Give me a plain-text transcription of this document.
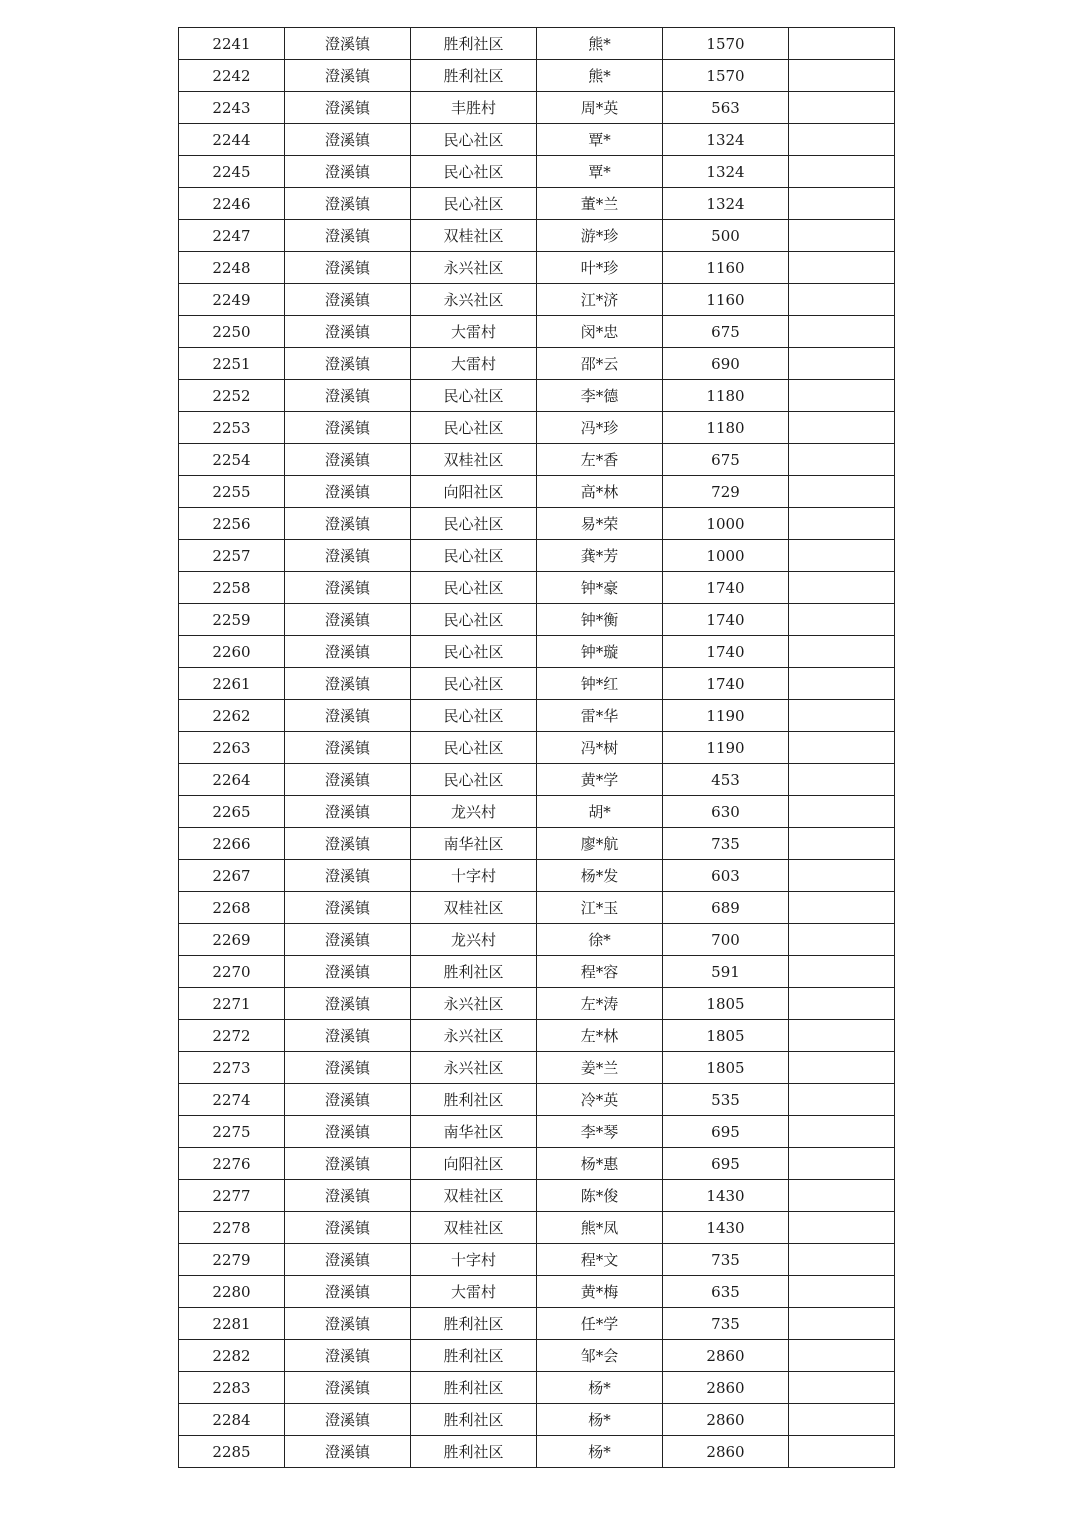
2241	澄溪镇	胜利社区	熊*	1570	
2242	澄溪镇	胜利社区	熊*	1570	
2243	澄溪镇	丰胜村	周*英	563	
2244	澄溪镇	民心社区	覃*	1324	
2245	澄溪镇	民心社区	覃*	1324	
2246	澄溪镇	民心社区	董*兰	1324	
2247	澄溪镇	双桂社区	游*珍	500	
2248	澄溪镇	永兴社区	叶*珍	1160	
2249	澄溪镇	永兴社区	江*济	1160	
2250	澄溪镇	大雷村	闵*忠	675	
2251	澄溪镇	大雷村	邵*云	690	
2252	澄溪镇	民心社区	李*德	1180	
2253	澄溪镇	民心社区	冯*珍	1180	
2254	澄溪镇	双桂社区	左*香	675	
2255	澄溪镇	向阳社区	高*林	729	
2256	澄溪镇	民心社区	易*荣	1000	
2257	澄溪镇	民心社区	龚*芳	1000	
2258	澄溪镇	民心社区	钟*豪	1740	
2259	澄溪镇	民心社区	钟*衡	1740	
2260	澄溪镇	民心社区	钟*璇	1740	
2261	澄溪镇	民心社区	钟*红	1740	
2262	澄溪镇	民心社区	雷*华	1190	
2263	澄溪镇	民心社区	冯*树	1190	
2264	澄溪镇	民心社区	黄*学	453	
2265	澄溪镇	龙兴村	胡*	630	
2266	澄溪镇	南华社区	廖*航	735	
2267	澄溪镇	十字村	杨*发	603	
2268	澄溪镇	双桂社区	江*玉	689	
2269	澄溪镇	龙兴村	徐*	700	
2270	澄溪镇	胜利社区	程*容	591	
2271	澄溪镇	永兴社区	左*涛	1805	
2272	澄溪镇	永兴社区	左*林	1805	
2273	澄溪镇	永兴社区	姜*兰	1805	
2274	澄溪镇	胜利社区	冷*英	535	
2275	澄溪镇	南华社区	李*琴	695	
2276	澄溪镇	向阳社区	杨*惠	695	
2277	澄溪镇	双桂社区	陈*俊	1430	
2278	澄溪镇	双桂社区	熊*凤	1430	
2279	澄溪镇	十字村	程*文	735	
2280	澄溪镇	大雷村	黄*梅	635	
2281	澄溪镇	胜利社区	任*学	735	
2282	澄溪镇	胜利社区	邹*会	2860	
2283	澄溪镇	胜利社区	杨*	2860	
2284	澄溪镇	胜利社区	杨*	2860	
2285	澄溪镇	胜利社区	杨*	2860	
